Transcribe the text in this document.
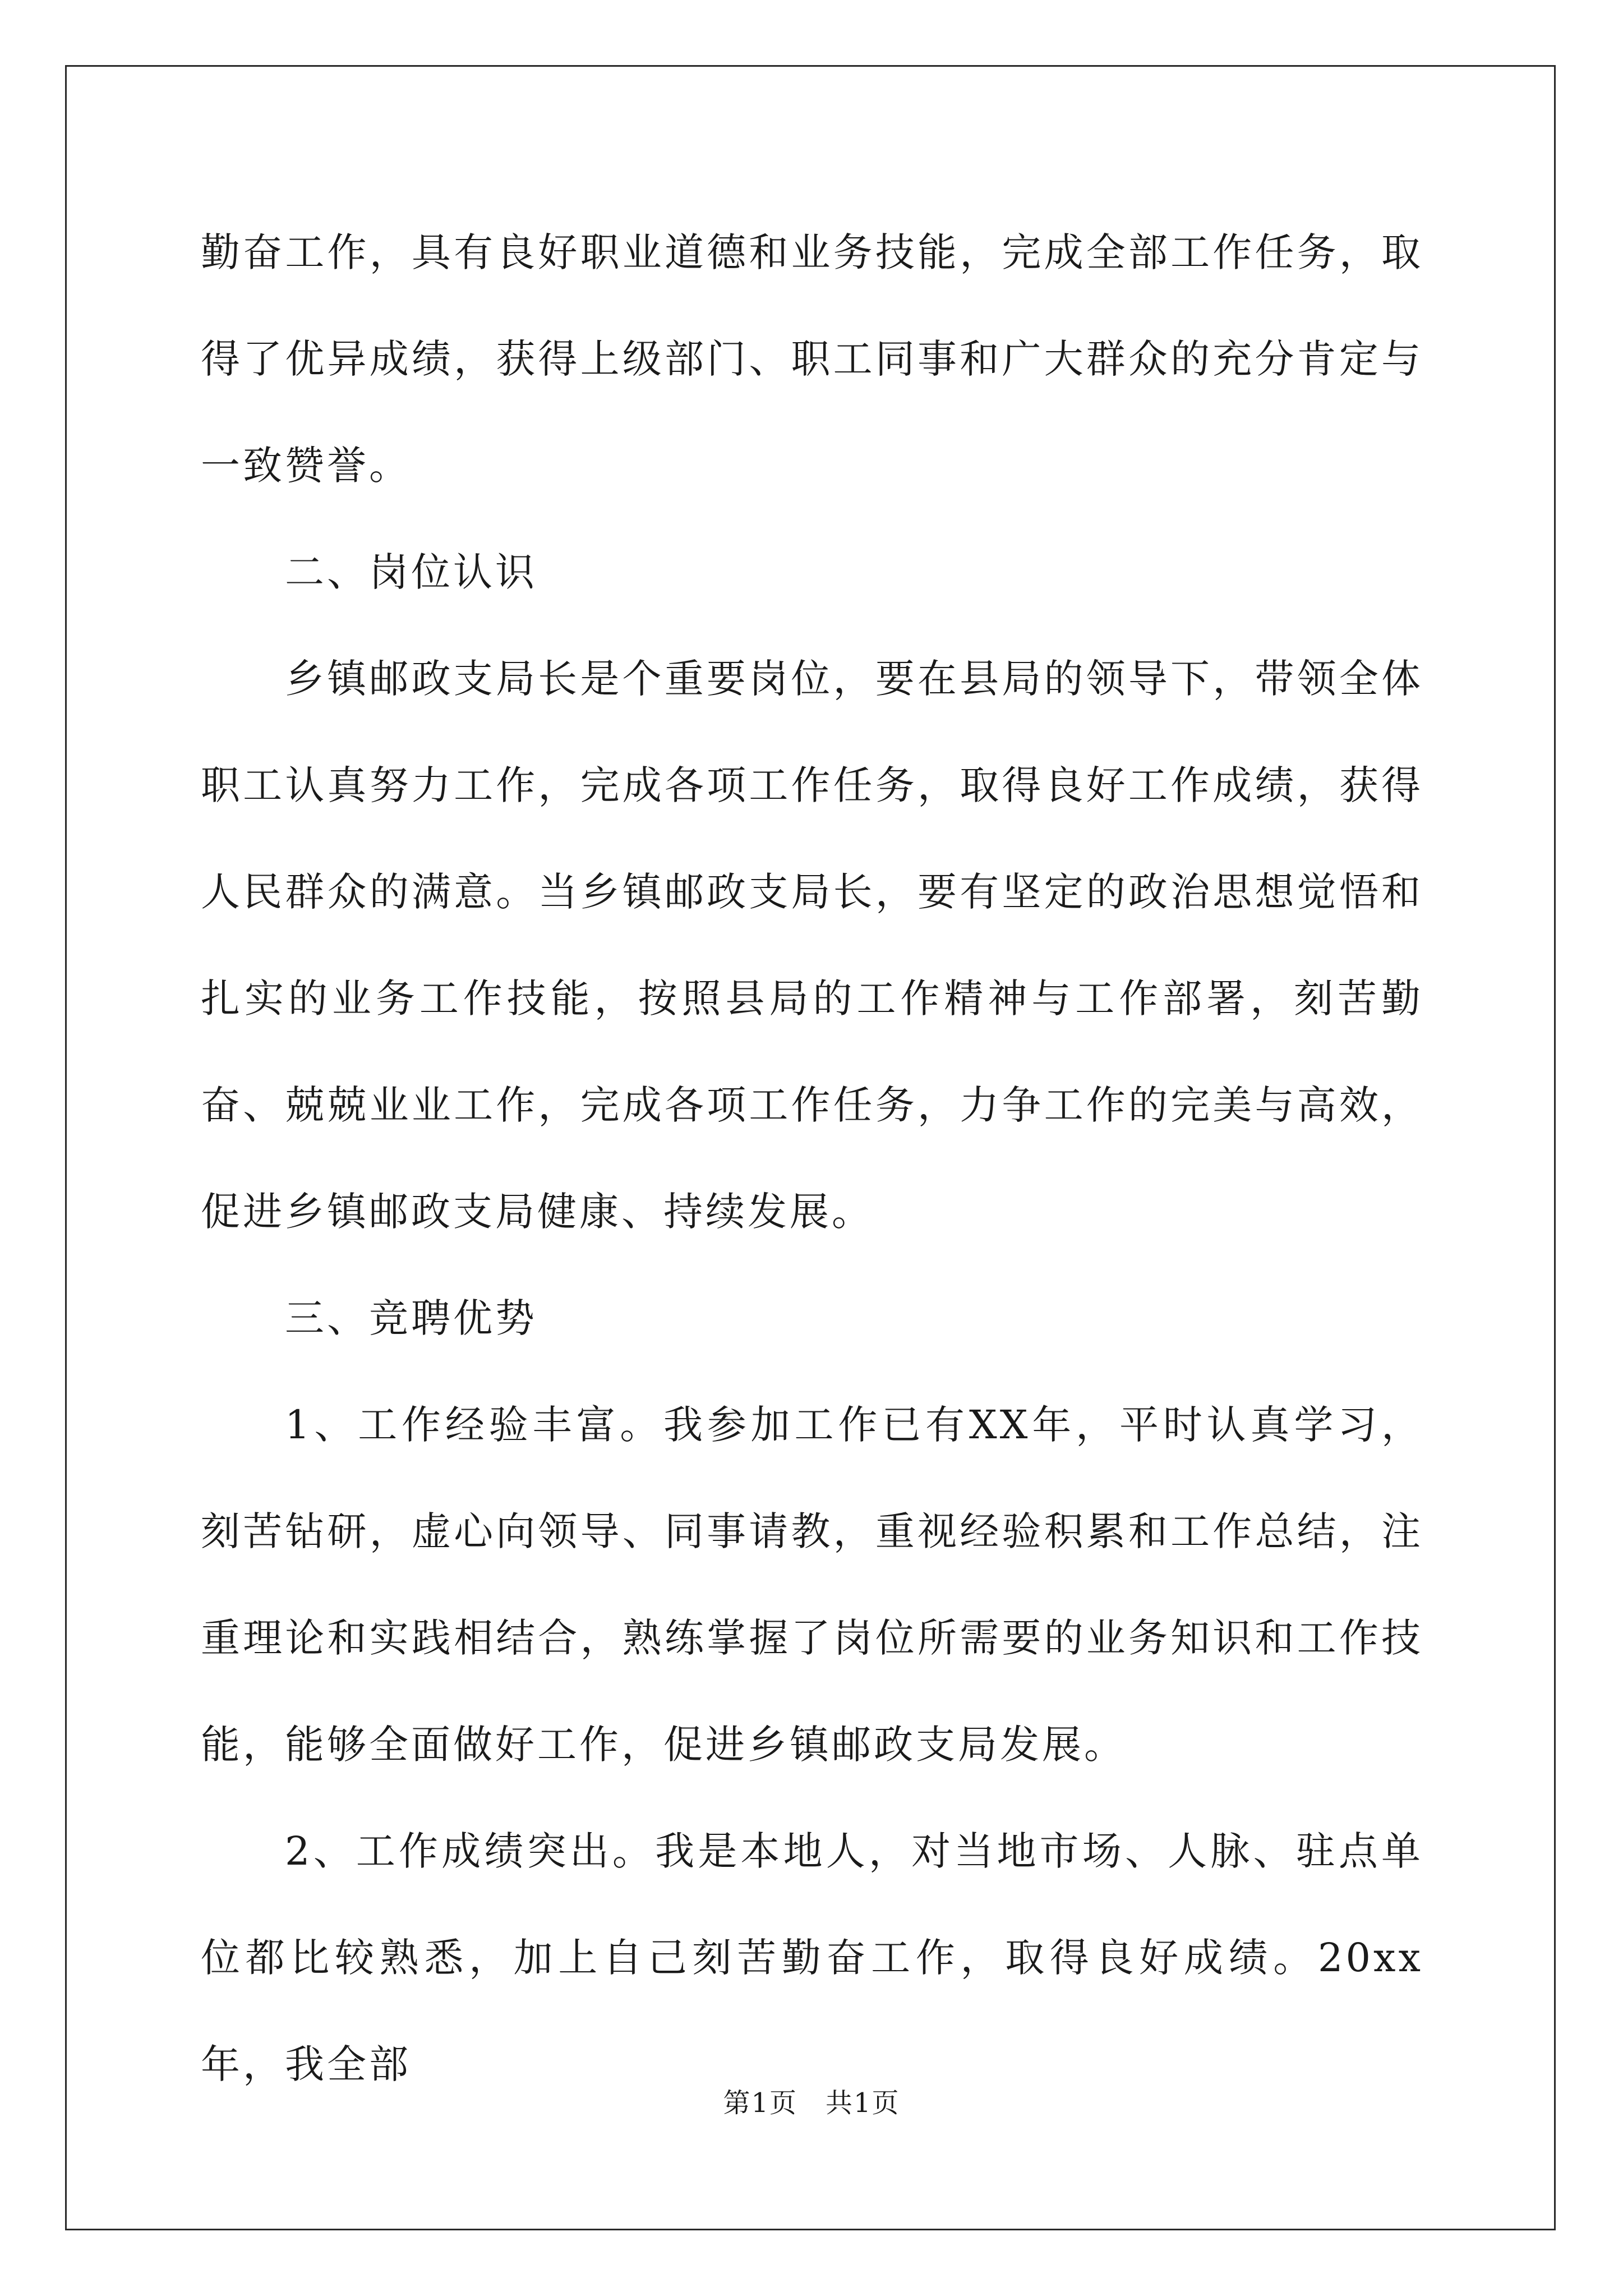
勤奋工作，具有良好职业道德和业务技能，完成全部工作任务，取得了优异成绩，获得上级部门、职工同事和广大群众的充分肯定与一致赞誉。

二、岗位认识

乡镇邮政支局长是个重要岗位，要在县局的领导下，带领全体职工认真努力工作，完成各项工作任务，取得良好工作成绩，获得人民群众的满意。当乡镇邮政支局长，要有坚定的政治思想觉悟和扎实的业务工作技能，按照县局的工作精神与工作部署，刻苦勤奋、兢兢业业工作，完成各项工作任务，力争工作的完美与高效，促进乡镇邮政支局健康、持续发展。

三、竞聘优势

1、工作经验丰富。我参加工作已有XX年，平时认真学习，刻苦钻研，虚心向领导、同事请教，重视经验积累和工作总结，注重理论和实践相结合，熟练掌握了岗位所需要的业务知识和工作技能，能够全面做好工作，促进乡镇邮政支局发展。

2、工作成绩突出。我是本地人，对当地市场、人脉、驻点单位都比较熟悉，加上自己刻苦勤奋工作，取得良好成绩。20xx年，我全部

第1页 共1页
